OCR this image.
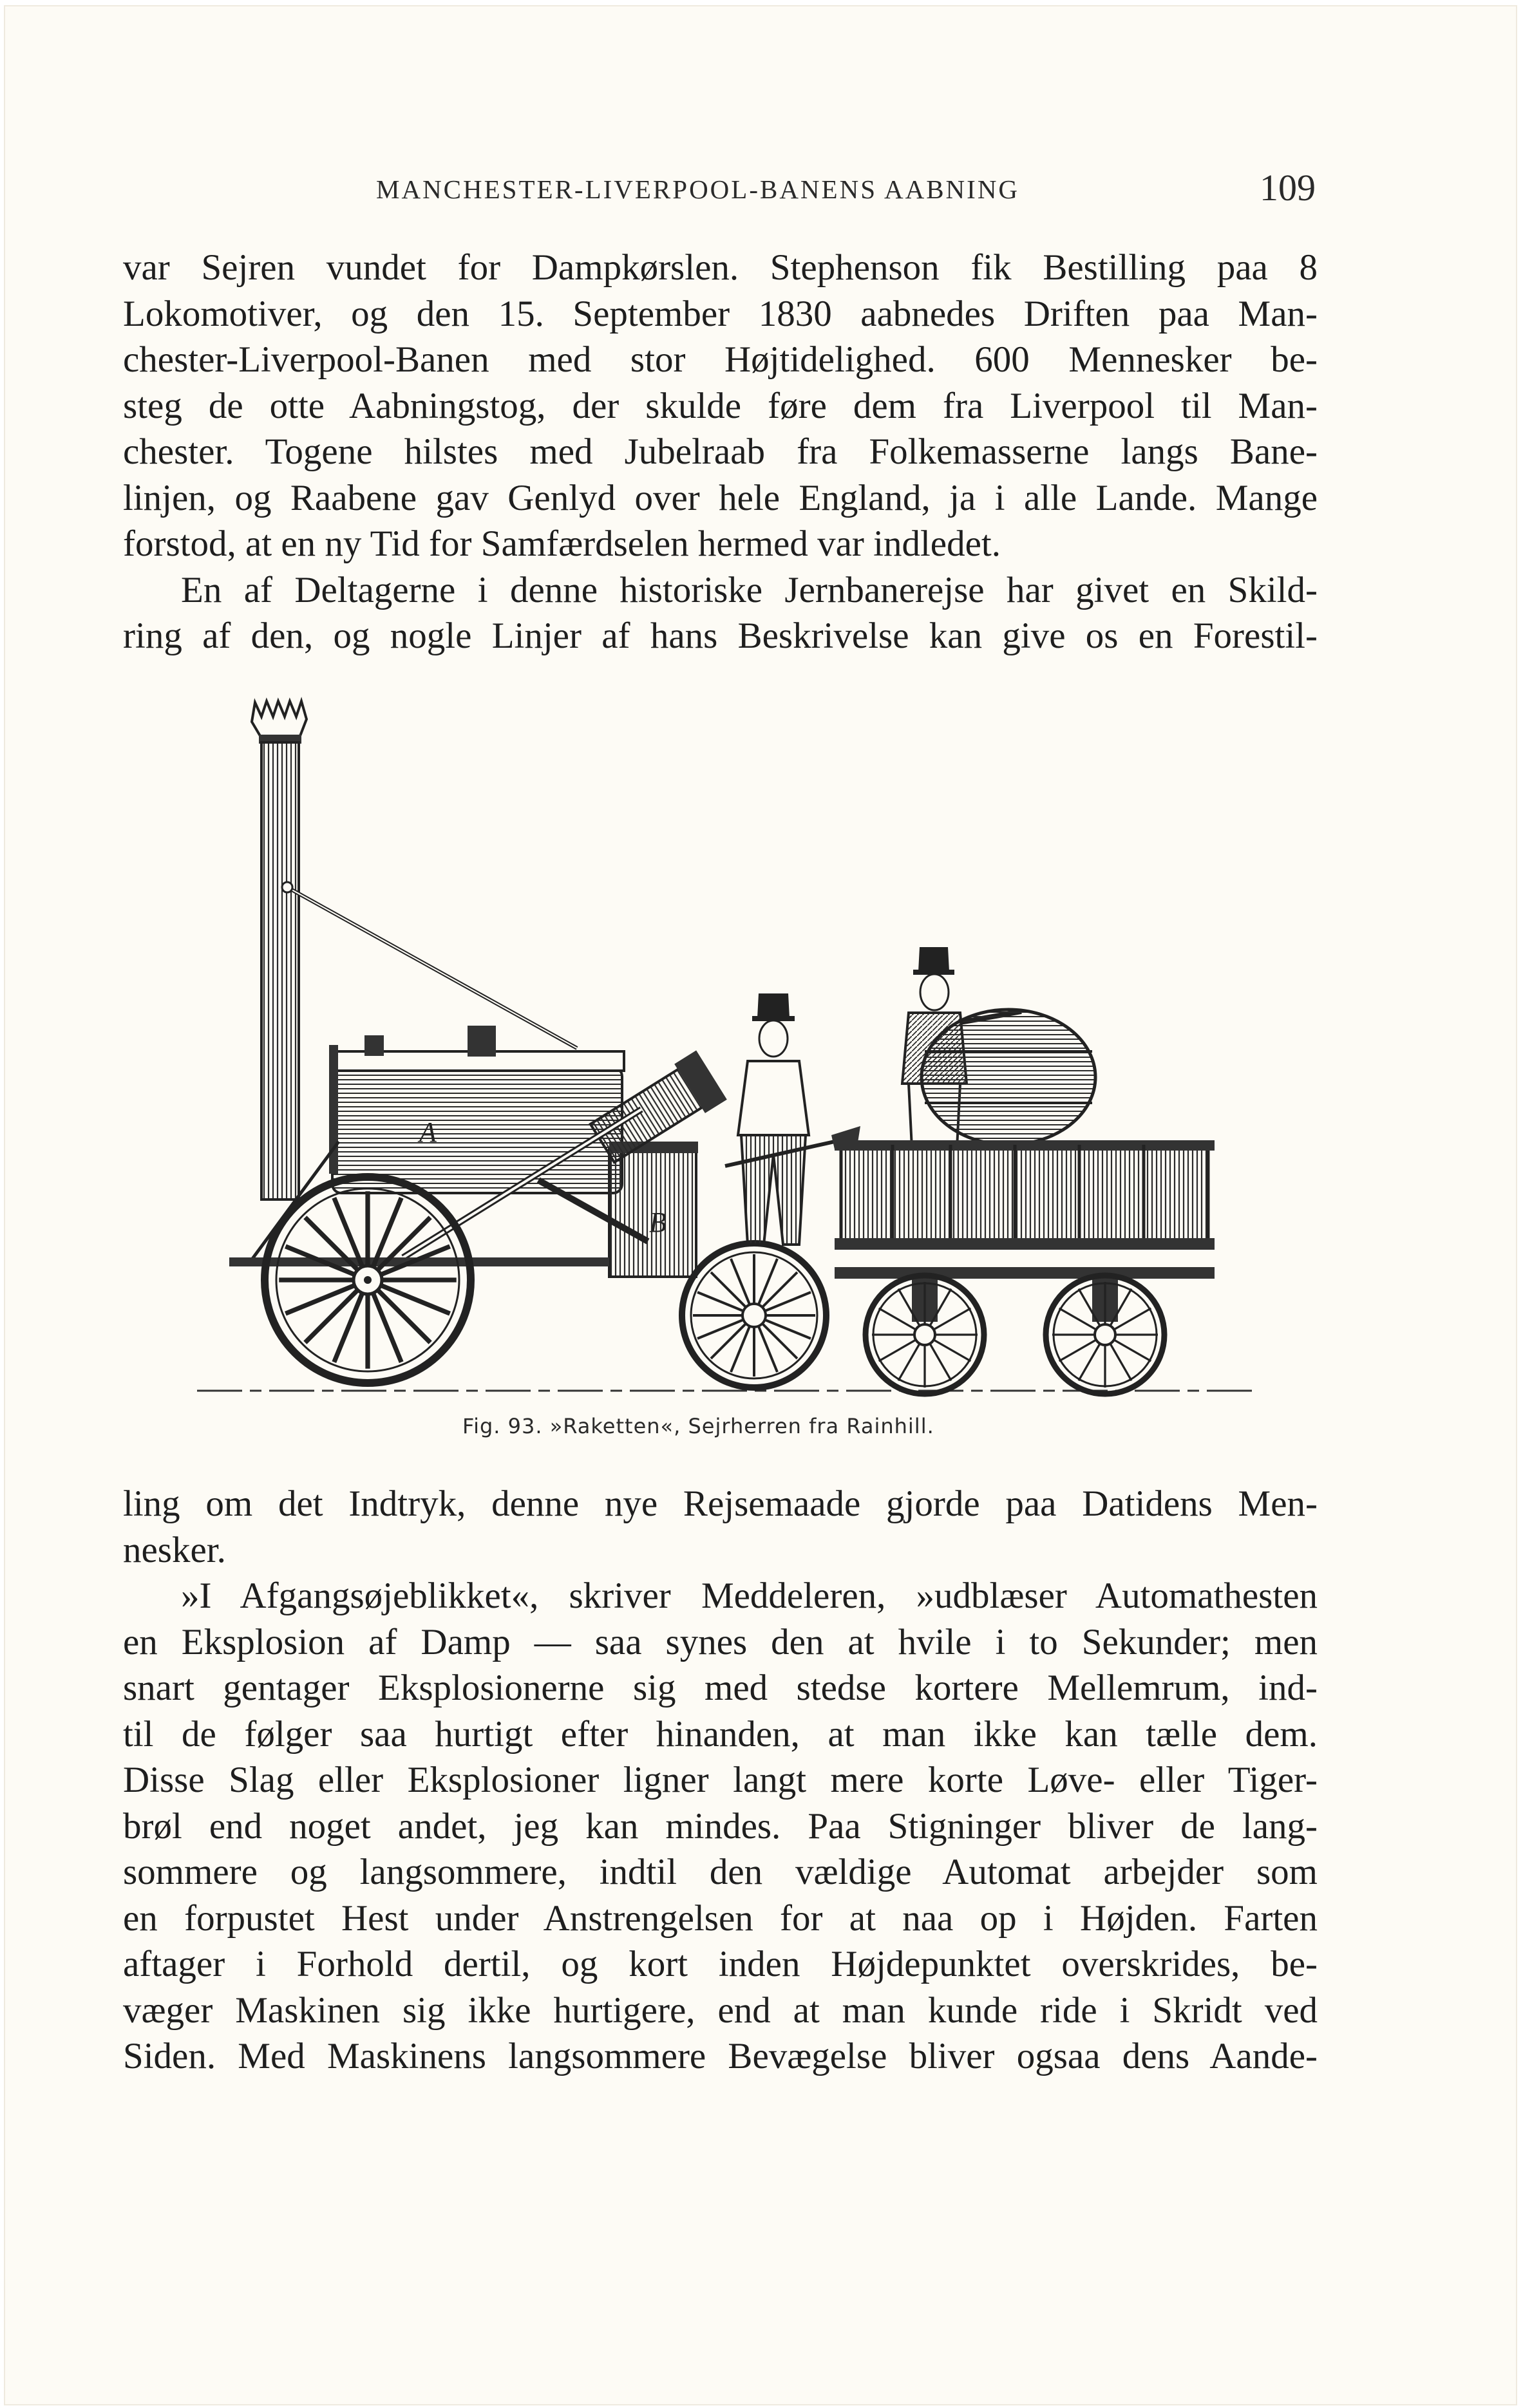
MANCHESTER-LIVERPOOL-BANENS AABNING	109
var Sejren vundet for Dampkørslen. Stephenson fik Bestilling paa 8
Lokomotiver, og den 15. September 1830 aabnedes Driften paa Man-
chester-Liverpool-Banen med stor Højtidelighed. 600 Mennesker be-
steg de otte Aabningstog, der skulde føre dem fra Liverpool til Man-
chester. Togene hilstes med Jubelraab fra Folkemasserne langs Bane-
linjen, og Raabene gav Genlyd over hele England, ja i alle Lande. Mange
forstod, at en ny Tid for Samfærdselen hermed var indledet.
En af Deltagerne i denne historiske Jernbanerejse har givet en Skild-
ring af den, og nogle Linjer af hans Beskrivelse kan give os en Forestil-
A
B
Fig. 93. »Raketten«, Sejrherren fra Rainhill.
ling om det Indtryk, denne nye Rejsemaade gjorde paa Datidens Men-
nesker.
»I Afgangsøjeblikket«, skriver Meddeleren, »udblæser Automathesten
en Eksplosion af Damp — saa synes den at hvile i to Sekunder; men
snart gentager Eksplosionerne sig med stedse kortere Mellemrum, ind-
til de følger saa hurtigt efter hinanden, at man ikke kan tælle dem.
Disse Slag eller Eksplosioner ligner langt mere korte Løve- eller Tiger-
brøl end noget andet, jeg kan mindes. Paa Stigninger bliver de lang-
sommere og langsommere, indtil den vældige Automat arbejder som
en forpustet Hest under Anstrengelsen for at naa op i Højden. Farten
aftager i Forhold dertil, og kort inden Højdepunktet overskrides, be-
væger Maskinen sig ikke hurtigere, end at man kunde ride i Skridt ved
Siden. Med Maskinens langsommere Bevægelse bliver ogsaa dens Aande-
